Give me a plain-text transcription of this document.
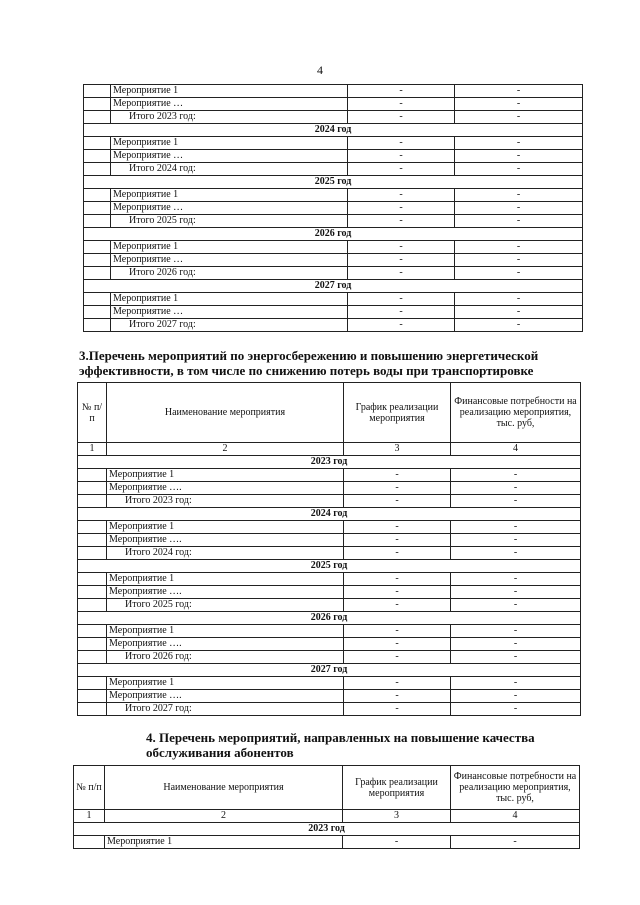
4
	Мероприятие 1	-	-
	Мероприятие …	-	-
	Итого 2023 год:	-	-
2024 год			
	Мероприятие 1	-	-
	Мероприятие …	-	-
	Итого 2024 год:	-	-
2025 год			
	Мероприятие 1	-	-
	Мероприятие …	-	-
	Итого 2025 год:	-	-
2026 год			
	Мероприятие 1	-	-
	Мероприятие …	-	-
	Итого 2026 год:	-	-
2027 год			
	Мероприятие 1	-	-
	Мероприятие …	-	-
	Итого 2027 год:	-	-
3.Перечень мероприятий по энергосбережению и повышению энергетической
эффективности, в том числе по снижению потерь воды при транспортировке
№ п/п	Наименование мероприятия	График реализации мероприятия	Финансовые потребности на реализацию мероприятия, тыс. руб,
1	2	3	4
2023 год			
	Мероприятие 1	-	-
	Мероприятие ….	-	-
	Итого 2023 год:	-	-
2024 год			
	Мероприятие 1	-	-
	Мероприятие ….	-	-
	Итого 2024 год:	-	-
2025 год			
	Мероприятие 1	-	-
	Мероприятие ….	-	-
	Итого 2025 год:	-	-
2026 год			
	Мероприятие 1	-	-
	Мероприятие ….	-	-
	Итого 2026 год:	-	-
2027 год			
	Мероприятие 1	-	-
	Мероприятие ….	-	-
	Итого 2027 год:	-	-
4. Перечень мероприятий, направленных на повышение качества
обслуживания абонентов
№ п/п	Наименование мероприятия	График реализации мероприятия	Финансовые потребности на реализацию мероприятия, тыс. руб,
1	2	3	4
2023 год			
	Мероприятие 1	-	-
